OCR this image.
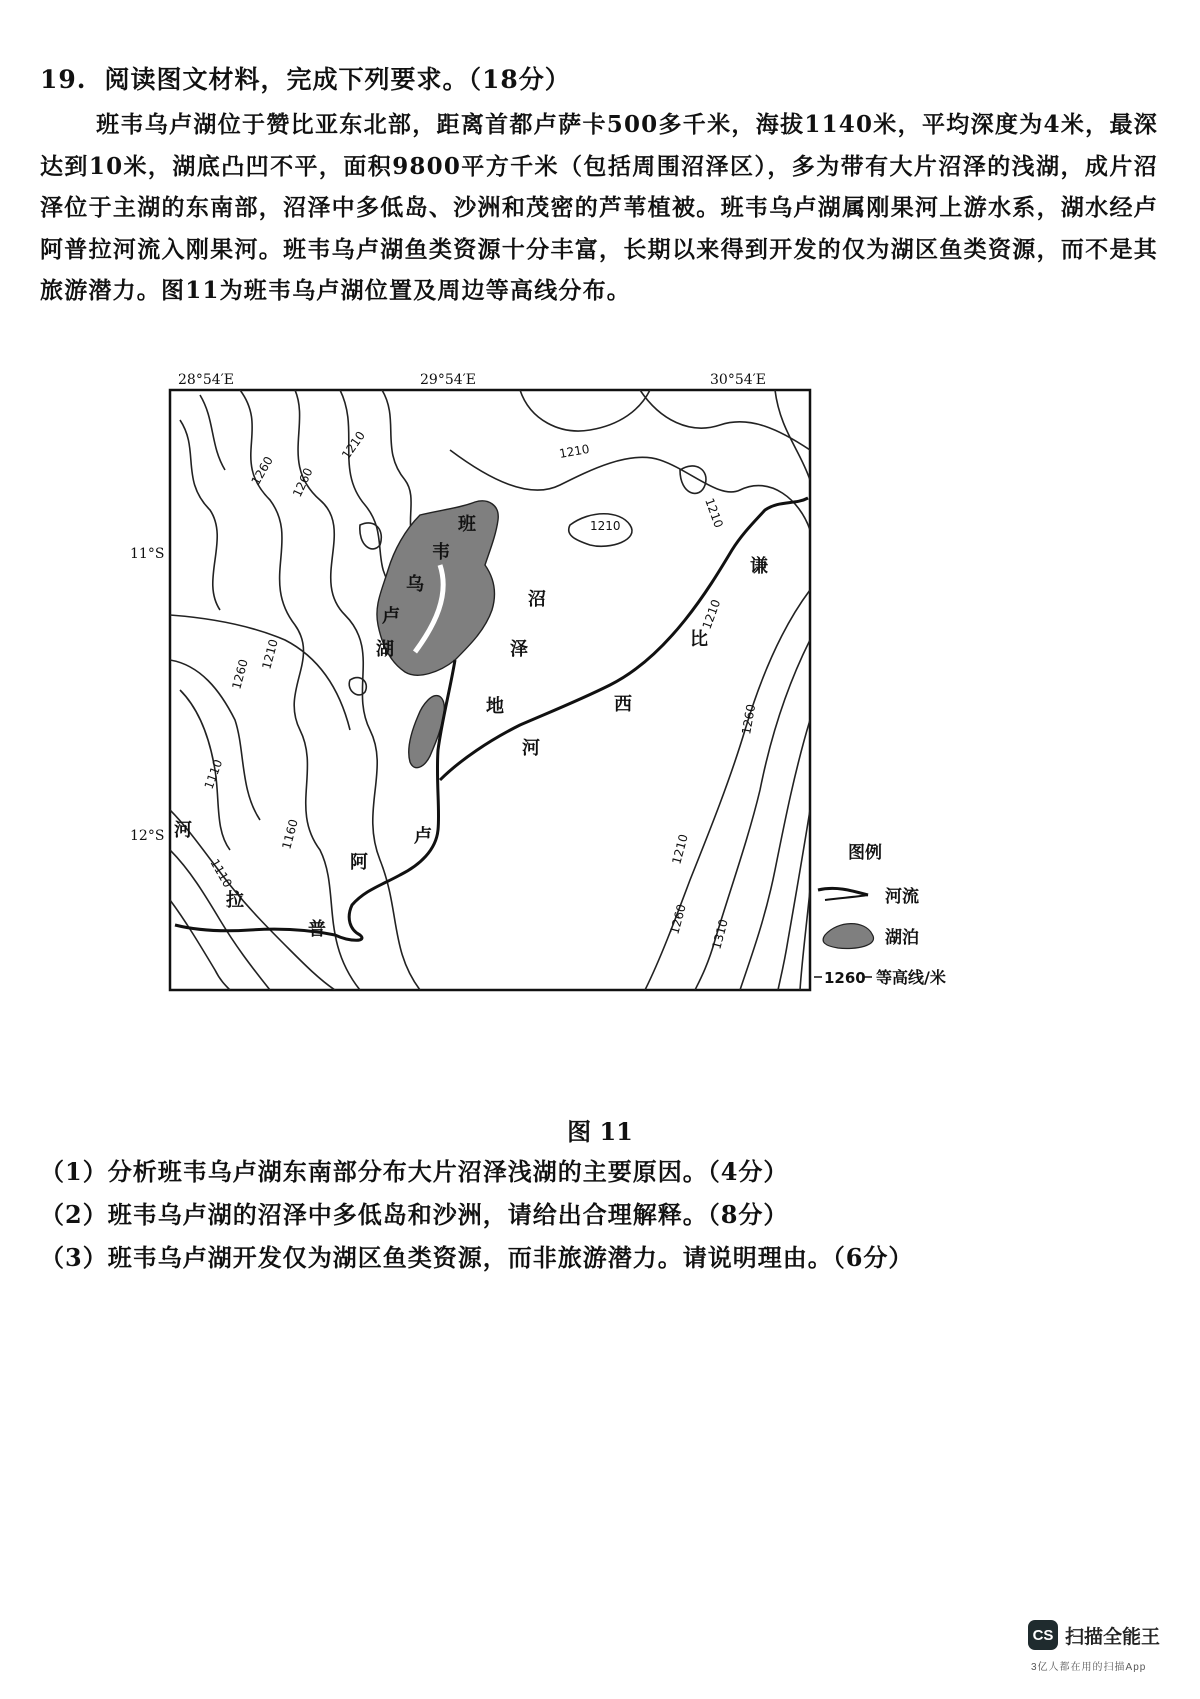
19. 阅读图文材料，完成下列要求。（18分）
班韦乌卢湖位于赞比亚东北部，距离首都卢萨卡500多千米，海拔1140米，平均深度为4米，最深达到10米，湖底凸凹不平，面积9800平方千米（包括周围沼泽区），多为带有大片沼泽的浅湖，成片沼泽位于主湖的东南部，沼泽中多低岛、沙洲和茂密的芦苇植被。班韦乌卢湖属刚果河上游水系，湖水经卢阿普拉河流入刚果河。班韦乌卢湖鱼类资源十分丰富，长期以来得到开发的仅为湖区鱼类资源，而不是其旅游潜力。图11为班韦乌卢湖位置及周边等高线分布。
28°54′E	29°54′E	30°54′E
11°S
12°S
1260 1260
1210	1210
1210	1210
1210
1210
1260
1260
1110
1160
1110
1210
1260 1310
班
韦
乌
卢
湖
沼
泽
地
谦
比
西
河
卢
阿
普
拉
河
图例
河流
湖泊
1260 等高线/米
图 11
（1）分析班韦乌卢湖东南部分布大片沼泽浅湖的主要原因。（4分）
（2）班韦乌卢湖的沼泽中多低岛和沙洲，请给出合理解释。（8分）
（3）班韦乌卢湖开发仅为湖区鱼类资源，而非旅游潜力。请说明理由。（6分）
CS 扫描全能王
3亿人都在用的扫描App
